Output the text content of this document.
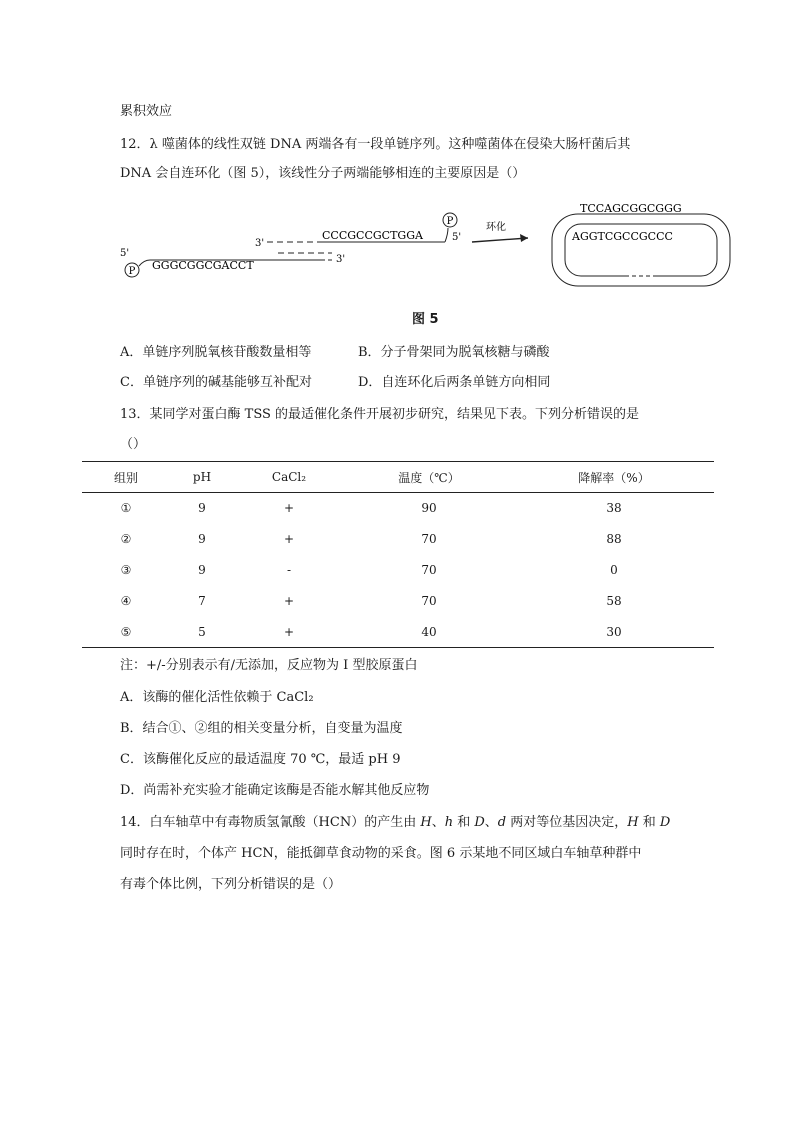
累积效应
12．λ 噬菌体的线性双链 DNA 两端各有一段单链序列。这种噬菌体在侵染大肠杆菌后其
DNA 会自连环化（图 5），该线性分子两端能够相连的主要原因是（）
P
5'
GGGCGGCGACCT	3'
3'
CCCGCCGCTGGA
P
5'
环化
TCCAGCGGCGGG
AGGTCGCCGCCC
图 5
A．单链序列脱氧核苷酸数量相等	B．分子骨架同为脱氧核糖与磷酸
C．单链序列的碱基能够互补配对	D．自连环化后两条单链方向相同
13．某同学对蛋白酶 TSS 的最适催化条件开展初步研究，结果见下表。下列分析错误的是
（）
组别	pH	CaCl₂	温度（℃）	降解率（%）
①	9	+	90	38
②	9	+	70	88
③	9	-	70	0
④	7	+	70	58
⑤	5	+	40	30
注：+/-分别表示有/无添加，反应物为 I 型胶原蛋白
A．该酶的催化活性依赖于 CaCl₂
B．结合①、②组的相关变量分析，自变量为温度
C．该酶催化反应的最适温度 70 ℃，最适 pH 9
D．尚需补充实验才能确定该酶是否能水解其他反应物
14．白车轴草中有毒物质氢氰酸（HCN）的产生由 H、h 和 D、d 两对等位基因决定，H 和 D
同时存在时，个体产 HCN，能抵御草食动物的采食。图 6 示某地不同区域白车轴草种群中
有毒个体比例，下列分析错误的是（）
